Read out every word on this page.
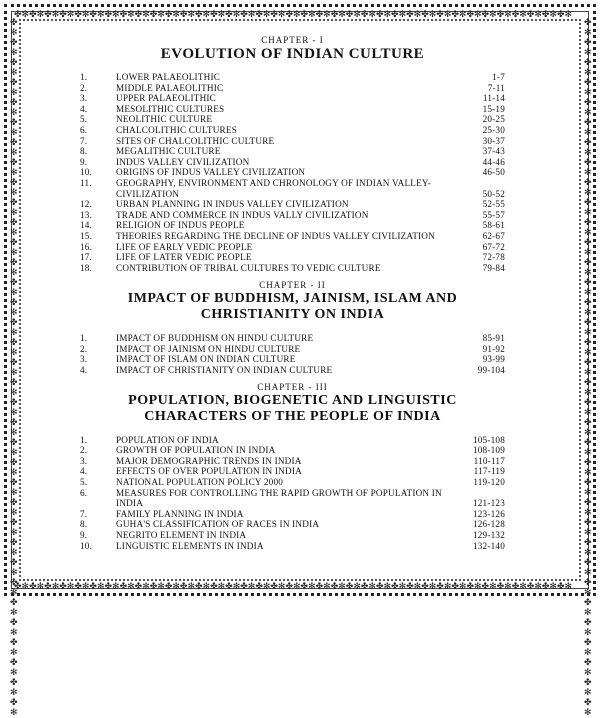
✤✻✤✻✤✻✤✻✤✻✤✻✤✻✤✻✤✻✤✻✤✻✤✻✤✻✤✻✤✻✤✻✤✻✤✻✤✻✤✻✤✻✤✻✤✻✤✻✤✻✤✻✤✻✤✻✤✻✤✻✤✻✤✻✤✻✤✻✤✻✤✻✤✻
✤✻✤✻✤✻✤✻✤✻✤✻✤✻✤✻✤✻✤✻✤✻✤✻✤✻✤✻✤✻✤✻✤✻✤✻✤✻✤✻✤✻✤✻✤✻✤✻✤✻✤✻✤✻✤✻✤✻✤✻✤✻✤✻✤✻✤✻✤✻✤✻✤✻
✤✻✤✻✤✻✤✻✤✻✤✻✤✻✤✻✤✻✤✻✤✻✤✻✤✻✤✻✤✻✤✻✤✻✤✻✤✻✤✻✤✻✤✻✤✻✤✻✤✻✤✻✤✻✤✻✤✻✤✻✤✻✤✻✤✻✤✻✤✻
✤✻✤✻✤✻✤✻✤✻✤✻✤✻✤✻✤✻✤✻✤✻✤✻✤✻✤✻✤✻✤✻✤✻✤✻✤✻✤✻✤✻✤✻✤✻✤✻✤✻✤✻✤✻✤✻✤✻✤✻✤✻✤✻✤✻✤✻✤✻

CHAPTER - I

EVOLUTION OF INDIAN CULTURE

1.	LOWER PALAEOLITHIC	1-7
2.	MIDDLE PALAEOLITHIC	7-11
3.	UPPER PALAEOLITHIC	11-14
4.	MESOLITHIC CULTURES	15-19
5.	NEOLITHIC CULTURE	20-25
6.	CHALCOLITHIC CULTURES	25-30
7.	SITES OF CHALCOLITHIC CULTURE	30-37
8.	MEGALITHIC CULTURE	37-43
9.	INDUS VALLEY CIVILIZATION	44-46
10.	ORIGINS OF INDUS VALLEY CIVILIZATION	46-50
11.	GEOGRAPHY, ENVIRONMENT AND CHRONOLOGY OF INDIAN VALLEY-CIVILIZATION	50-52
12.	URBAN PLANNING IN INDUS VALLEY CIVILIZATION	52-55
13.	TRADE AND COMMERCE IN INDUS VALLY CIVILIZATION	55-57
14.	RELIGION OF INDUS PEOPLE	58-61
15.	THEORIES REGARDING THE DECLINE OF INDUS VALLEY CIVILIZATION	62-67
16.	LIFE OF EARLY VEDIC PEOPLE	67-72
17.	LIFE OF LATER VEDIC PEOPLE	72-78
18.	CONTRIBUTION OF TRIBAL CULTURES TO VEDIC CULTURE	79-84

CHAPTER - II

IMPACT OF BUDDHISM, JAINISM, ISLAM AND CHRISTIANITY ON INDIA

1.	IMPACT OF BUDDHISM ON HINDU CULTURE	85-91
2.	IMPACT OF JAINISM ON HINDU CULTURE	91-92
3.	IMPACT OF ISLAM ON INDIAN CULTURE	93-99
4.	IMPACT OF CHRISTIANITY ON INDIAN CULTURE	99-104

CHAPTER - III

POPULATION, BIOGENETIC AND LINGUISTIC CHARACTERS OF THE PEOPLE OF INDIA

1.	POPULATION OF INDIA	105-108
2.	GROWTH OF POPULATION IN INDIA	108-109
3.	MAJOR DEMOGRAPHIC TRENDS IN INDIA	110-117
4.	EFFECTS OF OVER POPULATION IN INDIA	117-119
5.	NATIONAL POPULATION POLICY 2000	119-120
6.	MEASURES FOR CONTROLLING THE RAPID GROWTH OF POPULATION IN INDIA	121-123
7.	FAMILY PLANNING IN INDIA	123-126
8.	GUHA'S CLASSIFICATION OF RACES IN INDIA	126-128
9.	NEGRITO ELEMENT IN INDIA	129-132
10.	LINGUISTIC ELEMENTS IN INDIA	132-140
